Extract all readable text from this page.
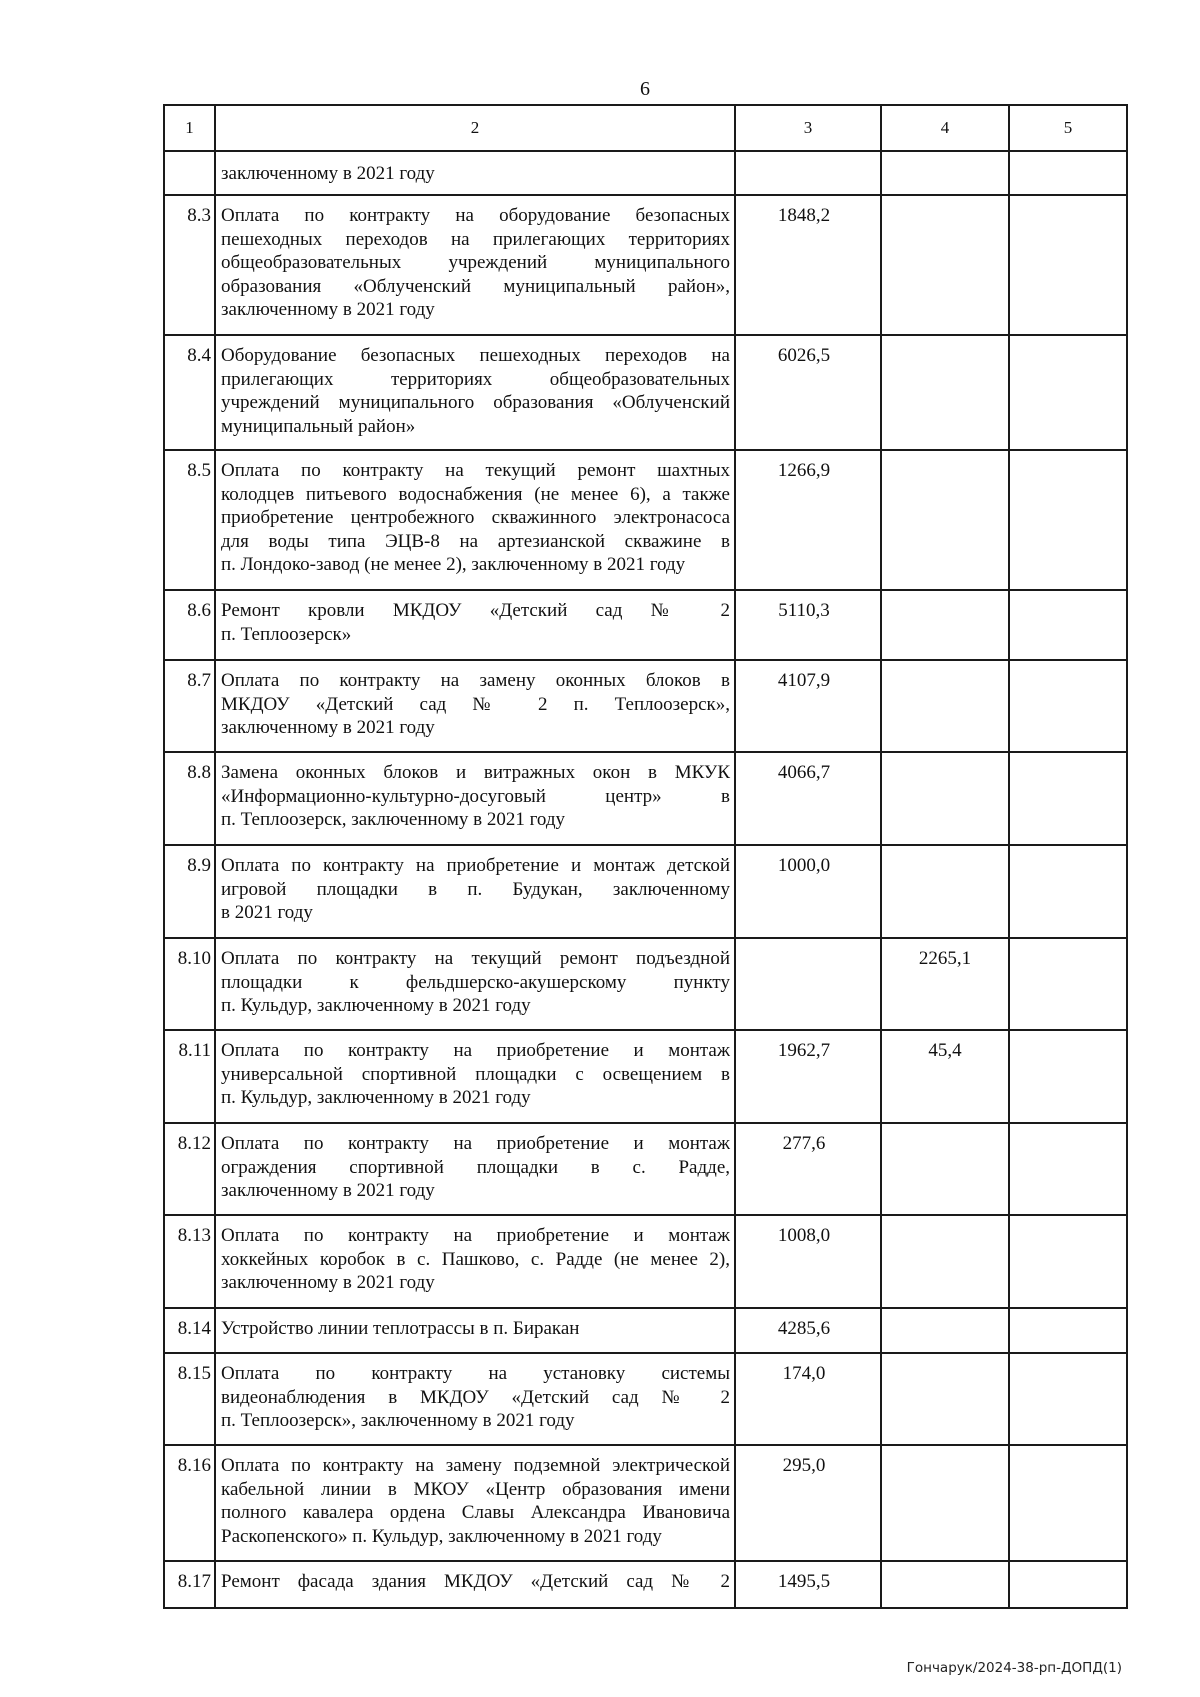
6
1	2	3	4	5

	заключенному в 2021 году			

8.3	Оплата по контракту на оборудование безопасных
пешеходных переходов на прилегающих территориях
общеобразовательных учреждений муниципального
образования «Облученский муниципальный район»,
заключенному в 2021 году	1848,2		
8.4	Оборудование безопасных пешеходных переходов на
прилегающих территориях общеобразовательных
учреждений муниципального образования «Облученский
муниципальный район»	6026,5		
8.5	Оплата по контракту на текущий ремонт шахтных
колодцев питьевого водоснабжения (не менее 6), а также
приобретение центробежного скважинного электронасоса
для воды типа ЭЦВ-8 на артезианской скважине в
п. Лондоко-завод (не менее 2), заключенному в 2021 году	1266,9		
8.6	Ремонт кровли МКДОУ «Детский сад № 2
п. Теплоозерск»	5110,3		
8.7	Оплата по контракту на замену оконных блоков в
МКДОУ «Детский сад № 2 п. Теплоозерск»,
заключенному в 2021 году	4107,9		
8.8	Замена оконных блоков и витражных окон в МКУК
«Информационно-культурно-досуговый центр» в
п. Теплоозерск, заключенному в 2021 году	4066,7		
8.9	Оплата по контракту на приобретение и монтаж детской
игровой площадки в п. Будукан, заключенному
в 2021 году	1000,0		
8.10	Оплата по контракту на текущий ремонт подъездной
площадки к фельдшерско-акушерскому пункту
п. Кульдур, заключенному в 2021 году		2265,1	
8.11	Оплата по контракту на приобретение и монтаж
универсальной спортивной площадки с освещением в
п. Кульдур, заключенному в 2021 году	1962,7	45,4	
8.12	Оплата по контракту на приобретение и монтаж
ограждения спортивной площадки в с. Радде,
заключенному в 2021 году	277,6		
8.13	Оплата по контракту на приобретение и монтаж
хоккейных коробок в с. Пашково, с. Радде (не менее 2),
заключенному в 2021 году	1008,0		
8.14	Устройство линии теплотрассы в п. Биракан	4285,6		
8.15	Оплата по контракту на установку системы
видеонаблюдения в МКДОУ «Детский сад № 2
п. Теплоозерск», заключенному в 2021 году	174,0		
8.16	Оплата по контракту на замену подземной электрической
кабельной линии в МКОУ «Центр образования имени
полного кавалера ордена Славы Александра Ивановича
Раскопенского» п. Кульдур, заключенному в 2021 году	295,0		
8.17	Ремонт фасада здания МКДОУ «Детский сад № 2	1495,5		
Гончарук/2024-38-рп-ДОПД(1)
